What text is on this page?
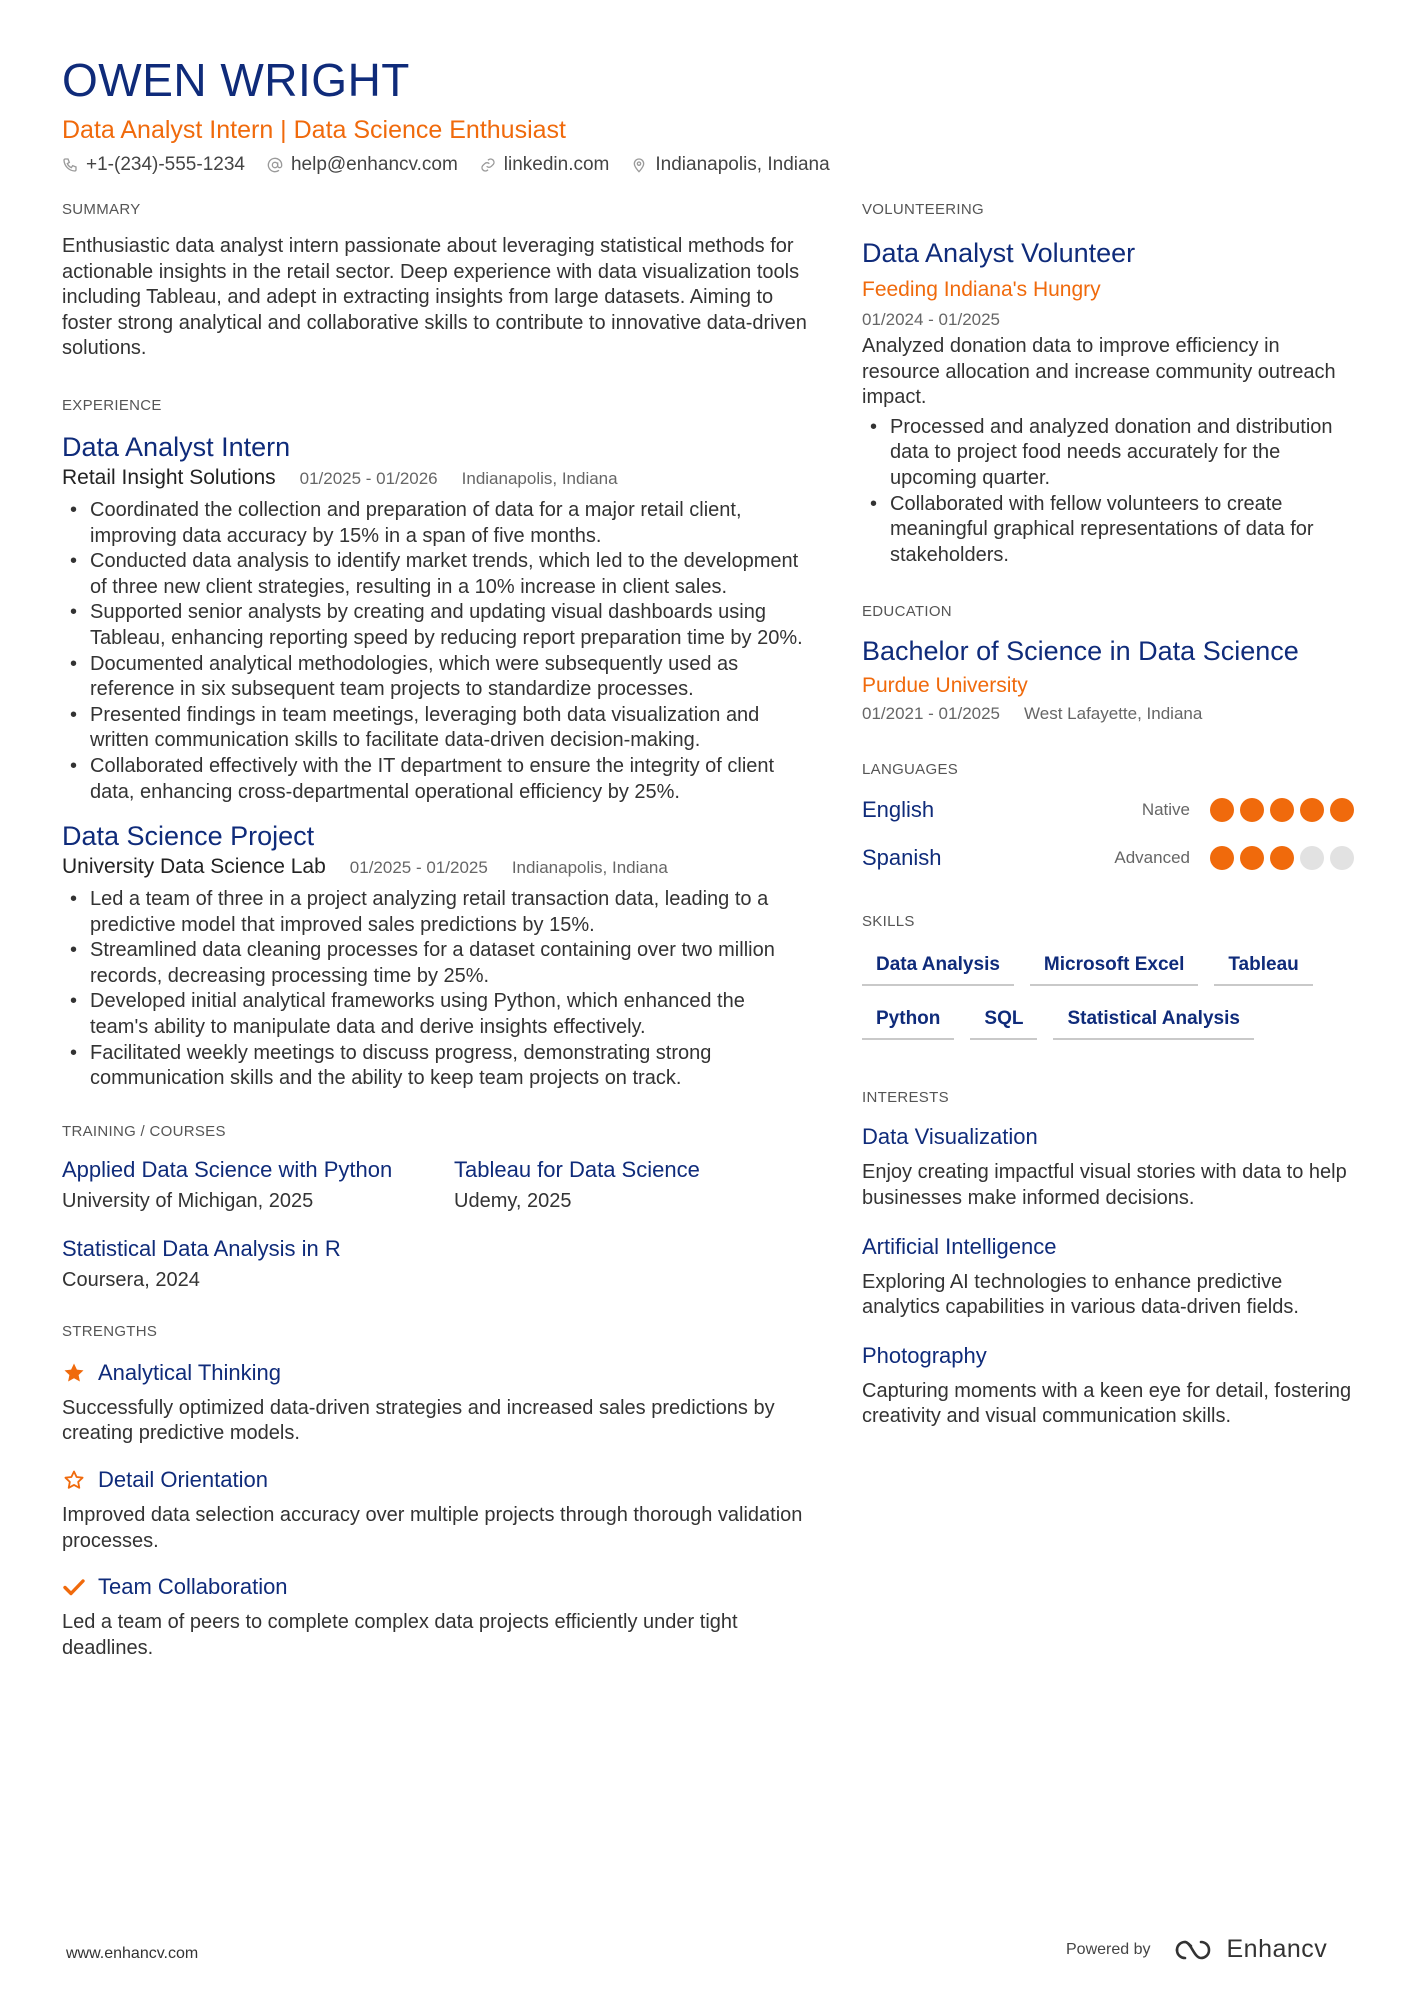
OWEN WRIGHT
Data Analyst Intern | Data Science Enthusiast
+1-(234)-555-1234 help@enhancv.com linkedin.com Indianapolis, Indiana
SUMMARY
Enthusiastic data analyst intern passionate about leveraging statistical methods for actionable insights in the retail sector. Deep experience with data visualization tools including Tableau, and adept in extracting insights from large datasets. Aiming to foster strong analytical and collaborative skills to contribute to innovative data-driven solutions.
EXPERIENCE
Data Analyst Intern
Retail Insight Solutions 01/2025 - 01/2026 Indianapolis, Indiana
• Coordinated the collection and preparation of data for a major retail client, improving data accuracy by 15% in a span of five months.
• Conducted data analysis to identify market trends, which led to the development of three new client strategies, resulting in a 10% increase in client sales.
• Supported senior analysts by creating and updating visual dashboards using Tableau, enhancing reporting speed by reducing report preparation time by 20%.
• Documented analytical methodologies, which were subsequently used as reference in six subsequent team projects to standardize processes.
• Presented findings in team meetings, leveraging both data visualization and written communication skills to facilitate data-driven decision-making.
• Collaborated effectively with the IT department to ensure the integrity of client data, enhancing cross-departmental operational efficiency by 25%.
Data Science Project
University Data Science Lab 01/2025 - 01/2025 Indianapolis, Indiana
• Led a team of three in a project analyzing retail transaction data, leading to a predictive model that improved sales predictions by 15%.
• Streamlined data cleaning processes for a dataset containing over two million records, decreasing processing time by 25%.
• Developed initial analytical frameworks using Python, which enhanced the team's ability to manipulate data and derive insights effectively.
• Facilitated weekly meetings to discuss progress, demonstrating strong communication skills and the ability to keep team projects on track.
TRAINING / COURSES
Applied Data Science with Python
University of Michigan, 2025
Tableau for Data Science
Udemy, 2025
Statistical Data Analysis in R
Coursera, 2024
STRENGTHS
Analytical Thinking
Successfully optimized data-driven strategies and increased sales predictions by creating predictive models.
Detail Orientation
Improved data selection accuracy over multiple projects through thorough validation processes.
Team Collaboration
Led a team of peers to complete complex data projects efficiently under tight deadlines.
VOLUNTEERING
Data Analyst Volunteer
Feeding Indiana's Hungry
01/2024 - 01/2025
Analyzed donation data to improve efficiency in resource allocation and increase community outreach impact.
• Processed and analyzed donation and distribution data to project food needs accurately for the upcoming quarter.
• Collaborated with fellow volunteers to create meaningful graphical representations of data for stakeholders.
EDUCATION
Bachelor of Science in Data Science
Purdue University
01/2021 - 01/2025 West Lafayette, Indiana
LANGUAGES
English	Native
Spanish	Advanced
SKILLS
Data Analysis	Microsoft Excel	Tableau
Python	SQL	Statistical Analysis
INTERESTS
Data Visualization
Enjoy creating impactful visual stories with data to help businesses make informed decisions.
Artificial Intelligence
Exploring AI technologies to enhance predictive analytics capabilities in various data-driven fields.
Photography
Capturing moments with a keen eye for detail, fostering creativity and visual communication skills.
www.enhancv.com	Powered by	Enhancv
